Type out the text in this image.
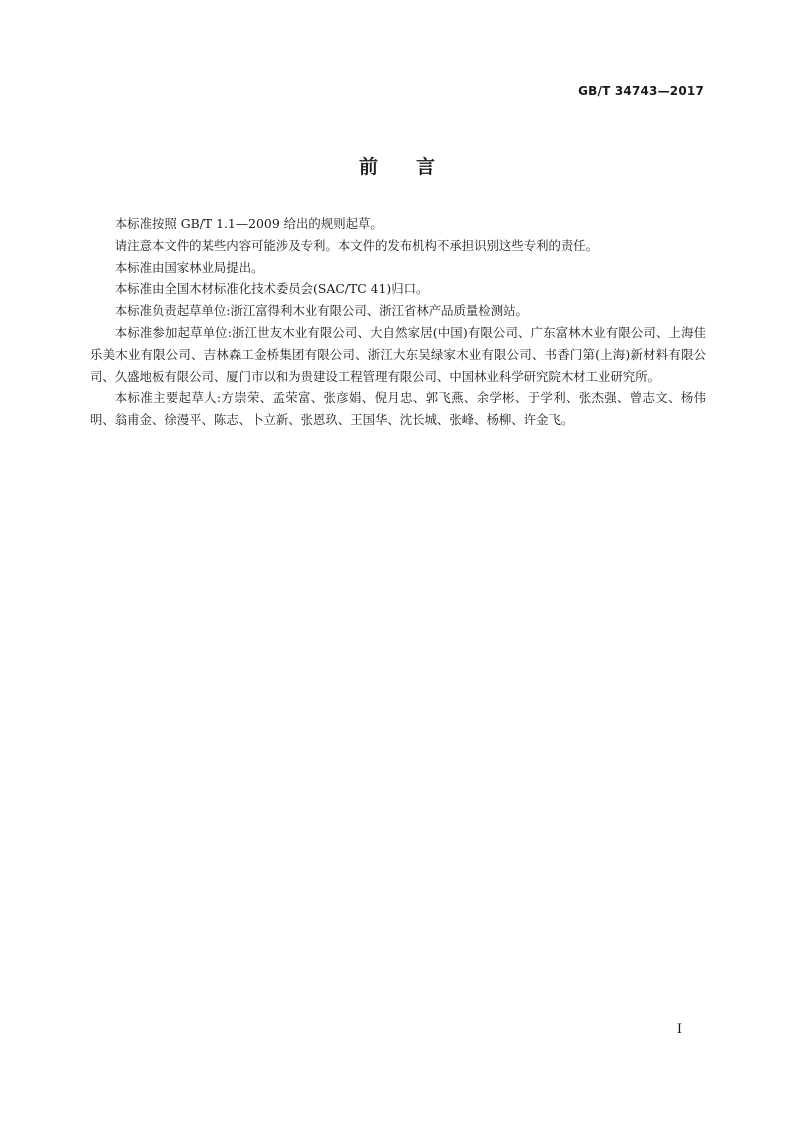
GB/T 34743—2017
前 言

本标准按照 GB/T 1.1—2009 给出的规则起草。

请注意本文件的某些内容可能涉及专利。本文件的发布机构不承担识别这些专利的责任。

本标准由国家林业局提出。

本标准由全国木材标准化技术委员会(SAC/TC 41)归口。

本标准负责起草单位:浙江富得利木业有限公司、浙江省林产品质量检测站。

本标准参加起草单位:浙江世友木业有限公司、大自然家居(中国)有限公司、广东富林木业有限公司、上海佳乐美木业有限公司、吉林森工金桥集团有限公司、浙江大东吴绿家木业有限公司、书香门第(上海)新材料有限公司、久盛地板有限公司、厦门市以和为贵建设工程管理有限公司、中国林业科学研究院木材工业研究所。

本标准主要起草人:方崇荣、孟荣富、张彦娟、倪月忠、郭飞燕、余学彬、于学利、张杰强、曾志文、杨伟明、翁甫金、徐漫平、陈志、卜立新、张恩玖、王国华、沈长城、张峰、杨柳、许金飞。

I
